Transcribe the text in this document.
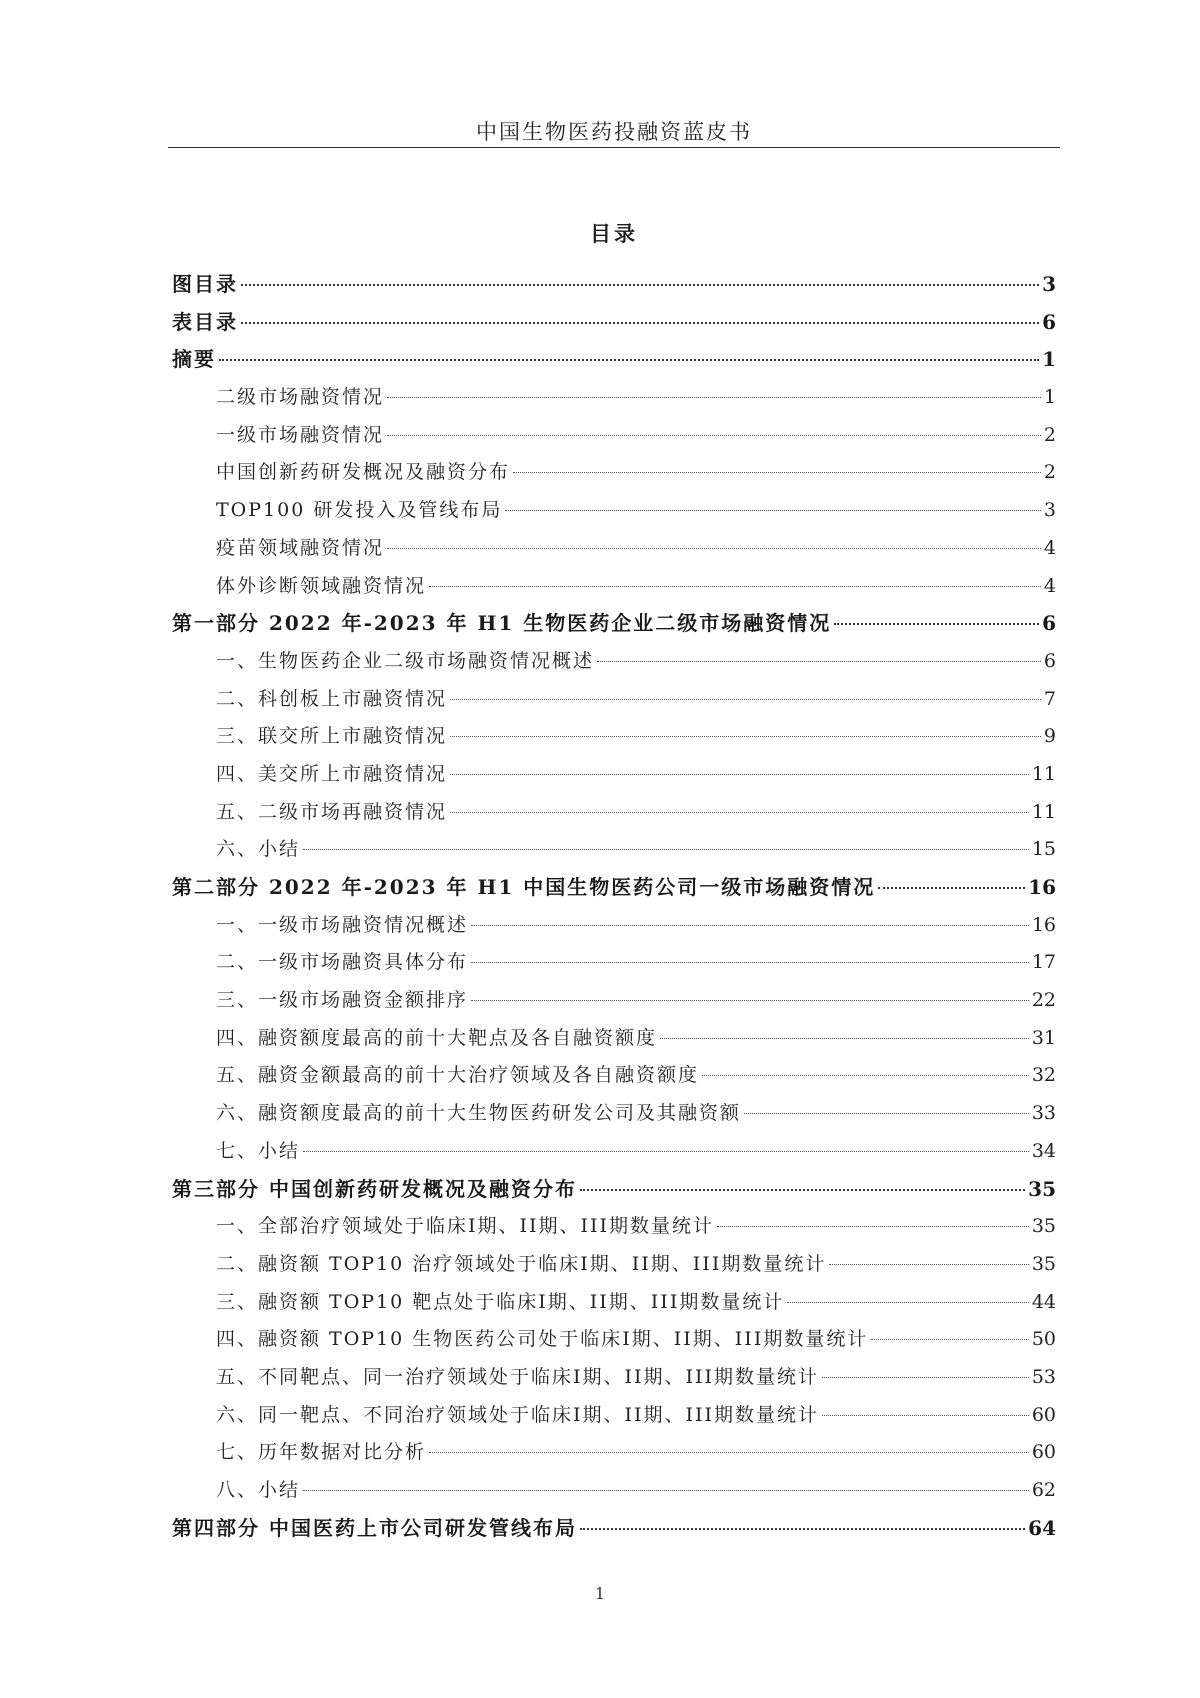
中国生物医药投融资蓝皮书
目录
图目录	3
表目录	6
摘要	1
二级市场融资情况	1
一级市场融资情况	2
中国创新药研发概况及融资分布	2
TOP100 研发投入及管线布局	3
疫苗领域融资情况	4
体外诊断领域融资情况	4
第一部分 2022 年-2023 年 H1 生物医药企业二级市场融资情况	6
一、生物医药企业二级市场融资情况概述	6
二、科创板上市融资情况	7
三、联交所上市融资情况	9
四、美交所上市融资情况	11
五、二级市场再融资情况	11
六、小结	15
第二部分 2022 年-2023 年 H1 中国生物医药公司一级市场融资情况	16
一、一级市场融资情况概述	16
二、一级市场融资具体分布	17
三、一级市场融资金额排序	22
四、融资额度最高的前十大靶点及各自融资额度	31
五、融资金额最高的前十大治疗领域及各自融资额度	32
六、融资额度最高的前十大生物医药研发公司及其融资额	33
七、小结	34
第三部分 中国创新药研发概况及融资分布	35
一、全部治疗领域处于临床I期、II期、III期数量统计	35
二、融资额 TOP10 治疗领域处于临床I期、II期、III期数量统计	35
三、融资额 TOP10 靶点处于临床I期、II期、III期数量统计	44
四、融资额 TOP10 生物医药公司处于临床I期、II期、III期数量统计	50
五、不同靶点、同一治疗领域处于临床I期、II期、III期数量统计	53
六、同一靶点、不同治疗领域处于临床I期、II期、III期数量统计	60
七、历年数据对比分析	60
八、小结	62
第四部分 中国医药上市公司研发管线布局	64
1
